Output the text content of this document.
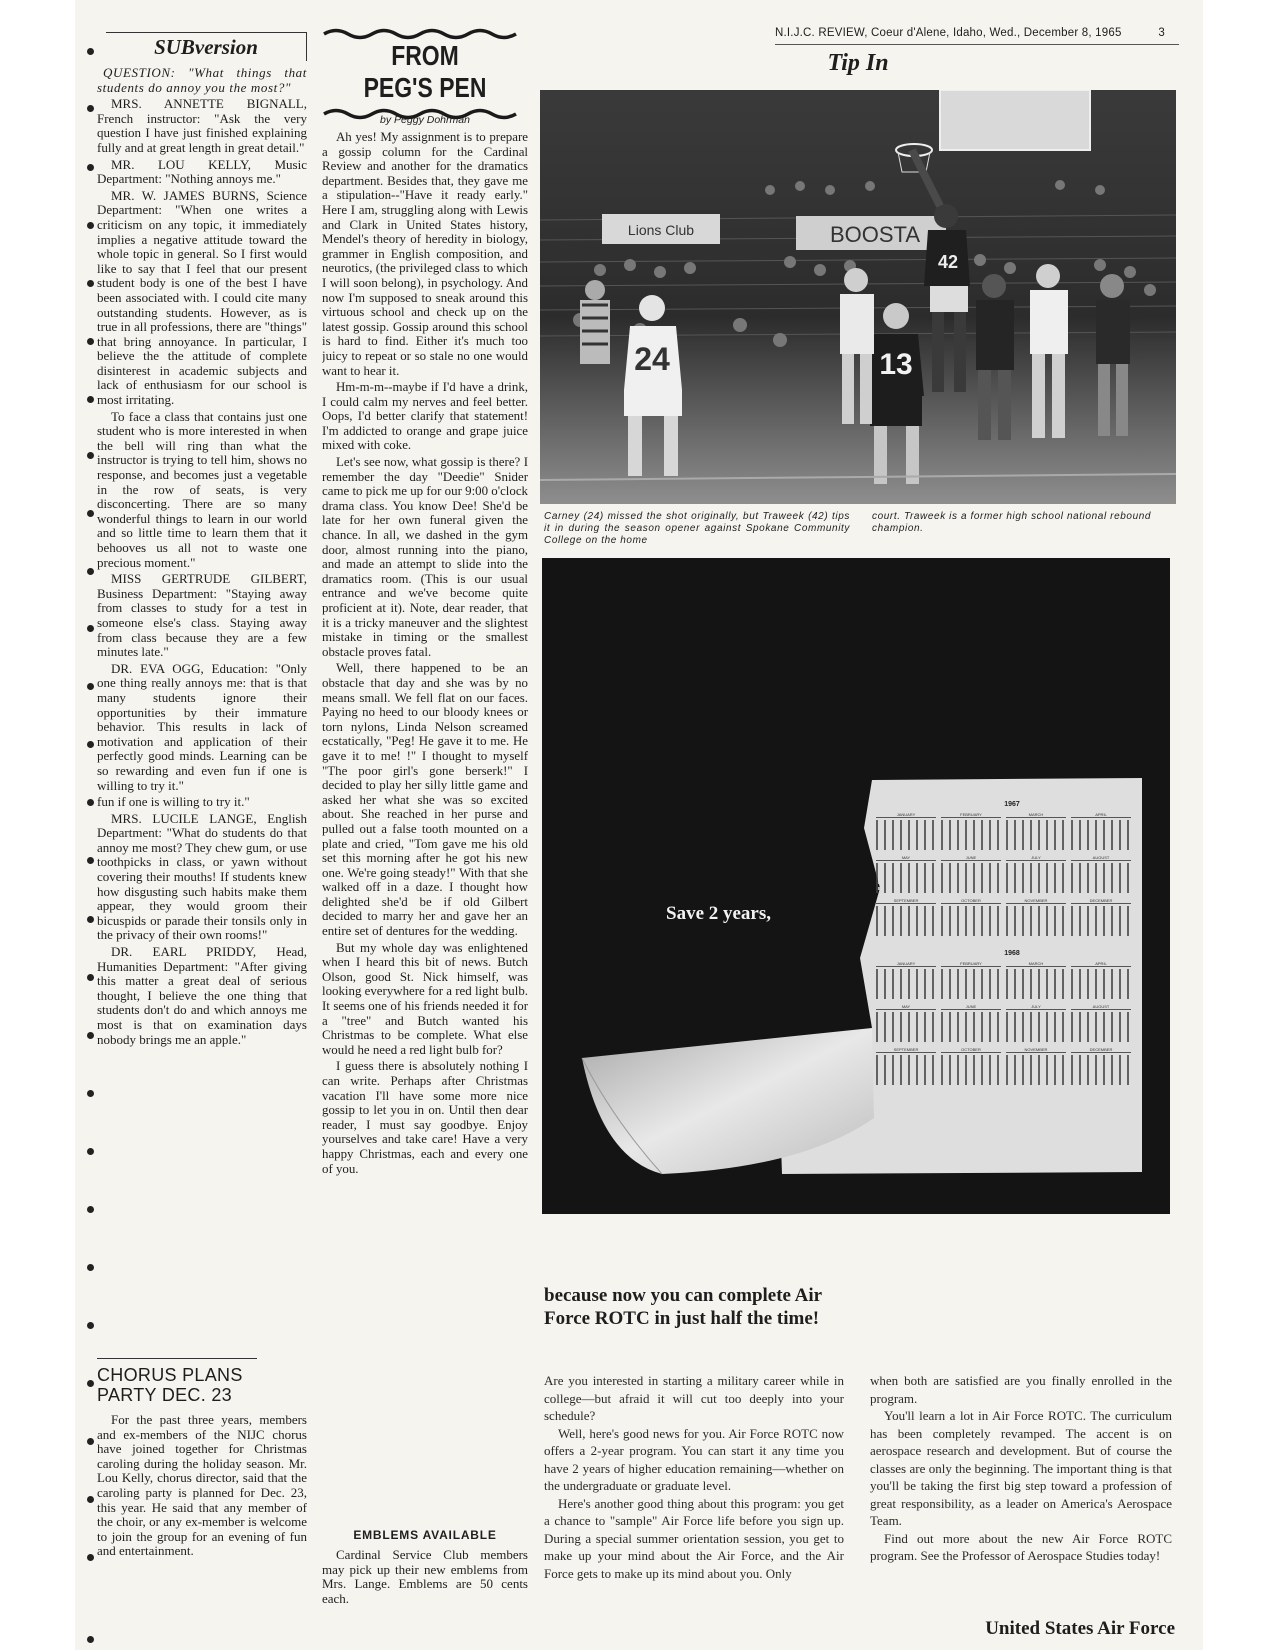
N.I.J.C. REVIEW, Coeur d'Alene, Idaho, Wed., December 8, 1965	3
SUBversion

QUESTION: "What things that students do annoy you the most?"

MRS. ANNETTE BIGNALL, French instructor: "Ask the very question I have just finished explaining fully and at great length in great detail."

MR. LOU KELLY, Music Department: "Nothing annoys me."

MR. W. JAMES BURNS, Science Department: "When one writes a criticism on any topic, it immediately implies a negative attitude toward the whole topic in general. So I first would like to say that I feel that our present student body is one of the best I have been associated with. I could cite many outstanding students. However, as is true in all professions, there are "things" that bring annoyance. In particular, I believe the the attitude of complete disinterest in academic subjects and lack of enthusiasm for our school is most irritating.

To face a class that contains just one student who is more interested in when the bell will ring than what the instructor is trying to tell him, shows no response, and becomes just a vegetable in the row of seats, is very disconcerting. There are so many wonderful things to learn in our world and so little time to learn them that it behooves us all not to waste one precious moment."

MISS GERTRUDE GILBERT, Business Department: "Staying away from classes to study for a test in someone else's class. Staying away from class because they are a few minutes late."

DR. EVA OGG, Education: "Only one thing really annoys me: that is that many students ignore their opportunities by their immature behavior. This results in lack of motivation and application of their perfectly good minds. Learning can be so rewarding and even fun if one is willing to try it."

fun if one is willing to try it."

MRS. LUCILE LANGE, English Department: "What do students do that annoy me most? They chew gum, or use toothpicks in class, or yawn without covering their mouths! If students knew how disgusting such habits make them appear, they would groom their bicuspids or parade their tonsils only in the privacy of their own rooms!"

DR. EARL PRIDDY, Head, Humanities Department: "After giving this matter a great deal of serious thought, I believe the one thing that students don't do and which annoys me most is that on examination days nobody brings me an apple."

CHORUS PLANS
PARTY DEC. 23

For the past three years, members and ex-members of the NIJC chorus have joined together for Christmas caroling during the holiday season. Mr. Lou Kelly, chorus director, said that the caroling party is planned for Dec. 23, this year. He said that any member of the choir, or any ex-member is welcome to join the group for an evening of fun and entertainment.

FROM
PEG'S PEN
by Peggy Dohrman

Ah yes! My assignment is to prepare a gossip column for the Cardinal Review and another for the dramatics department. Besides that, they gave me a stipulation--"Have it ready early." Here I am, struggling along with Lewis and Clark in United States history, Mendel's theory of heredity in biology, grammer in English composition, and neurotics, (the privileged class to which I will soon belong), in psychology. And now I'm supposed to sneak around this virtuous school and check up on the latest gossip. Gossip around this school is hard to find. Either it's much too juicy to repeat or so stale no one would want to hear it.

Hm-m-m--maybe if I'd have a drink, I could calm my nerves and feel better. Oops, I'd better clarify that statement! I'm addicted to orange and grape juice mixed with coke.

Let's see now, what gossip is there? I remember the day "Deedie" Snider came to pick me up for our 9:00 o'clock drama class. You know Dee! She'd be late for her own funeral given the chance. In all, we dashed in the gym door, almost running into the piano, and made an attempt to slide into the dramatics room. (This is our usual entrance and we've become quite proficient at it). Note, dear reader, that it is a tricky maneuver and the slightest mistake in timing or the smallest obstacle proves fatal.

Well, there happened to be an obstacle that day and she was by no means small. We fell flat on our faces. Paying no heed to our bloody knees or torn nylons, Linda Nelson screamed ecstatically, "Peg! He gave it to me. He gave it to me! !" I thought to myself "The poor girl's gone berserk!" I decided to play her silly little game and asked her what she was so excited about. She reached in her purse and pulled out a false tooth mounted on a plate and cried, "Tom gave me his old set this morning after he got his new one. We're going steady!" With that she walked off in a daze. I thought how delighted she'd be if old Gilbert decided to marry her and gave her an entire set of dentures for the wedding.

But my whole day was enlightened when I heard this bit of news. Butch Olson, good St. Nick himself, was looking everywhere for a red light bulb. It seems one of his friends needed it for a "tree" and Butch wanted his Christmas to be complete. What else would he need a red light bulb for?

I guess there is absolutely nothing I can write. Perhaps after Christmas vacation I'll have some more nice gossip to let you in on. Until then dear reader, I must say goodbye. Enjoy yourselves and take care! Have a very happy Christmas, each and every one of you.

EMBLEMS AVAILABLE

Cardinal Service Club members may pick up their new emblems from Mrs. Lange. Emblems are 50 cents each.

Tip In
Lions Club	BOOSTA
24	13
42
Carney (24) missed the shot originally, but Traweek (42) tips it in during the season opener against Spokane Community College on the home
court. Traweek is a former high school national rebound champion.
Save 2 years,
1967
1968
JANUARY	FEBRUARY	MARCH	APRIL
MAY	JUNE	JULY	AUGUST
SEPTEMBER	OCTOBER	NOVEMBER	DECEMBER
JANUARY	FEBRUARY	MARCH	APRIL
MAY	JUNE	JULY	AUGUST
SEPTEMBER	OCTOBER	NOVEMBER	DECEMBER
because now you can complete Air Force ROTC in just half the time!

Are you interested in starting a military career while in college—but afraid it will cut too deeply into your schedule?

Well, here's good news for you. Air Force ROTC now offers a 2-year program. You can start it any time you have 2 years of higher education remaining—whether on the undergraduate or graduate level.

Here's another good thing about this program: you get a chance to "sample" Air Force life before you sign up. During a special summer orientation session, you get to make up your mind about the Air Force, and the Air Force gets to make up its mind about you. Only

when both are satisfied are you finally enrolled in the program.

You'll learn a lot in Air Force ROTC. The curriculum has been completely revamped. The accent is on aerospace research and development. But of course the classes are only the beginning. The important thing is that you'll be taking the first big step toward a profession of great responsibility, as a leader on America's Aerospace Team.

Find out more about the new Air Force ROTC program. See the Professor of Aerospace Studies today!

United States Air Force
